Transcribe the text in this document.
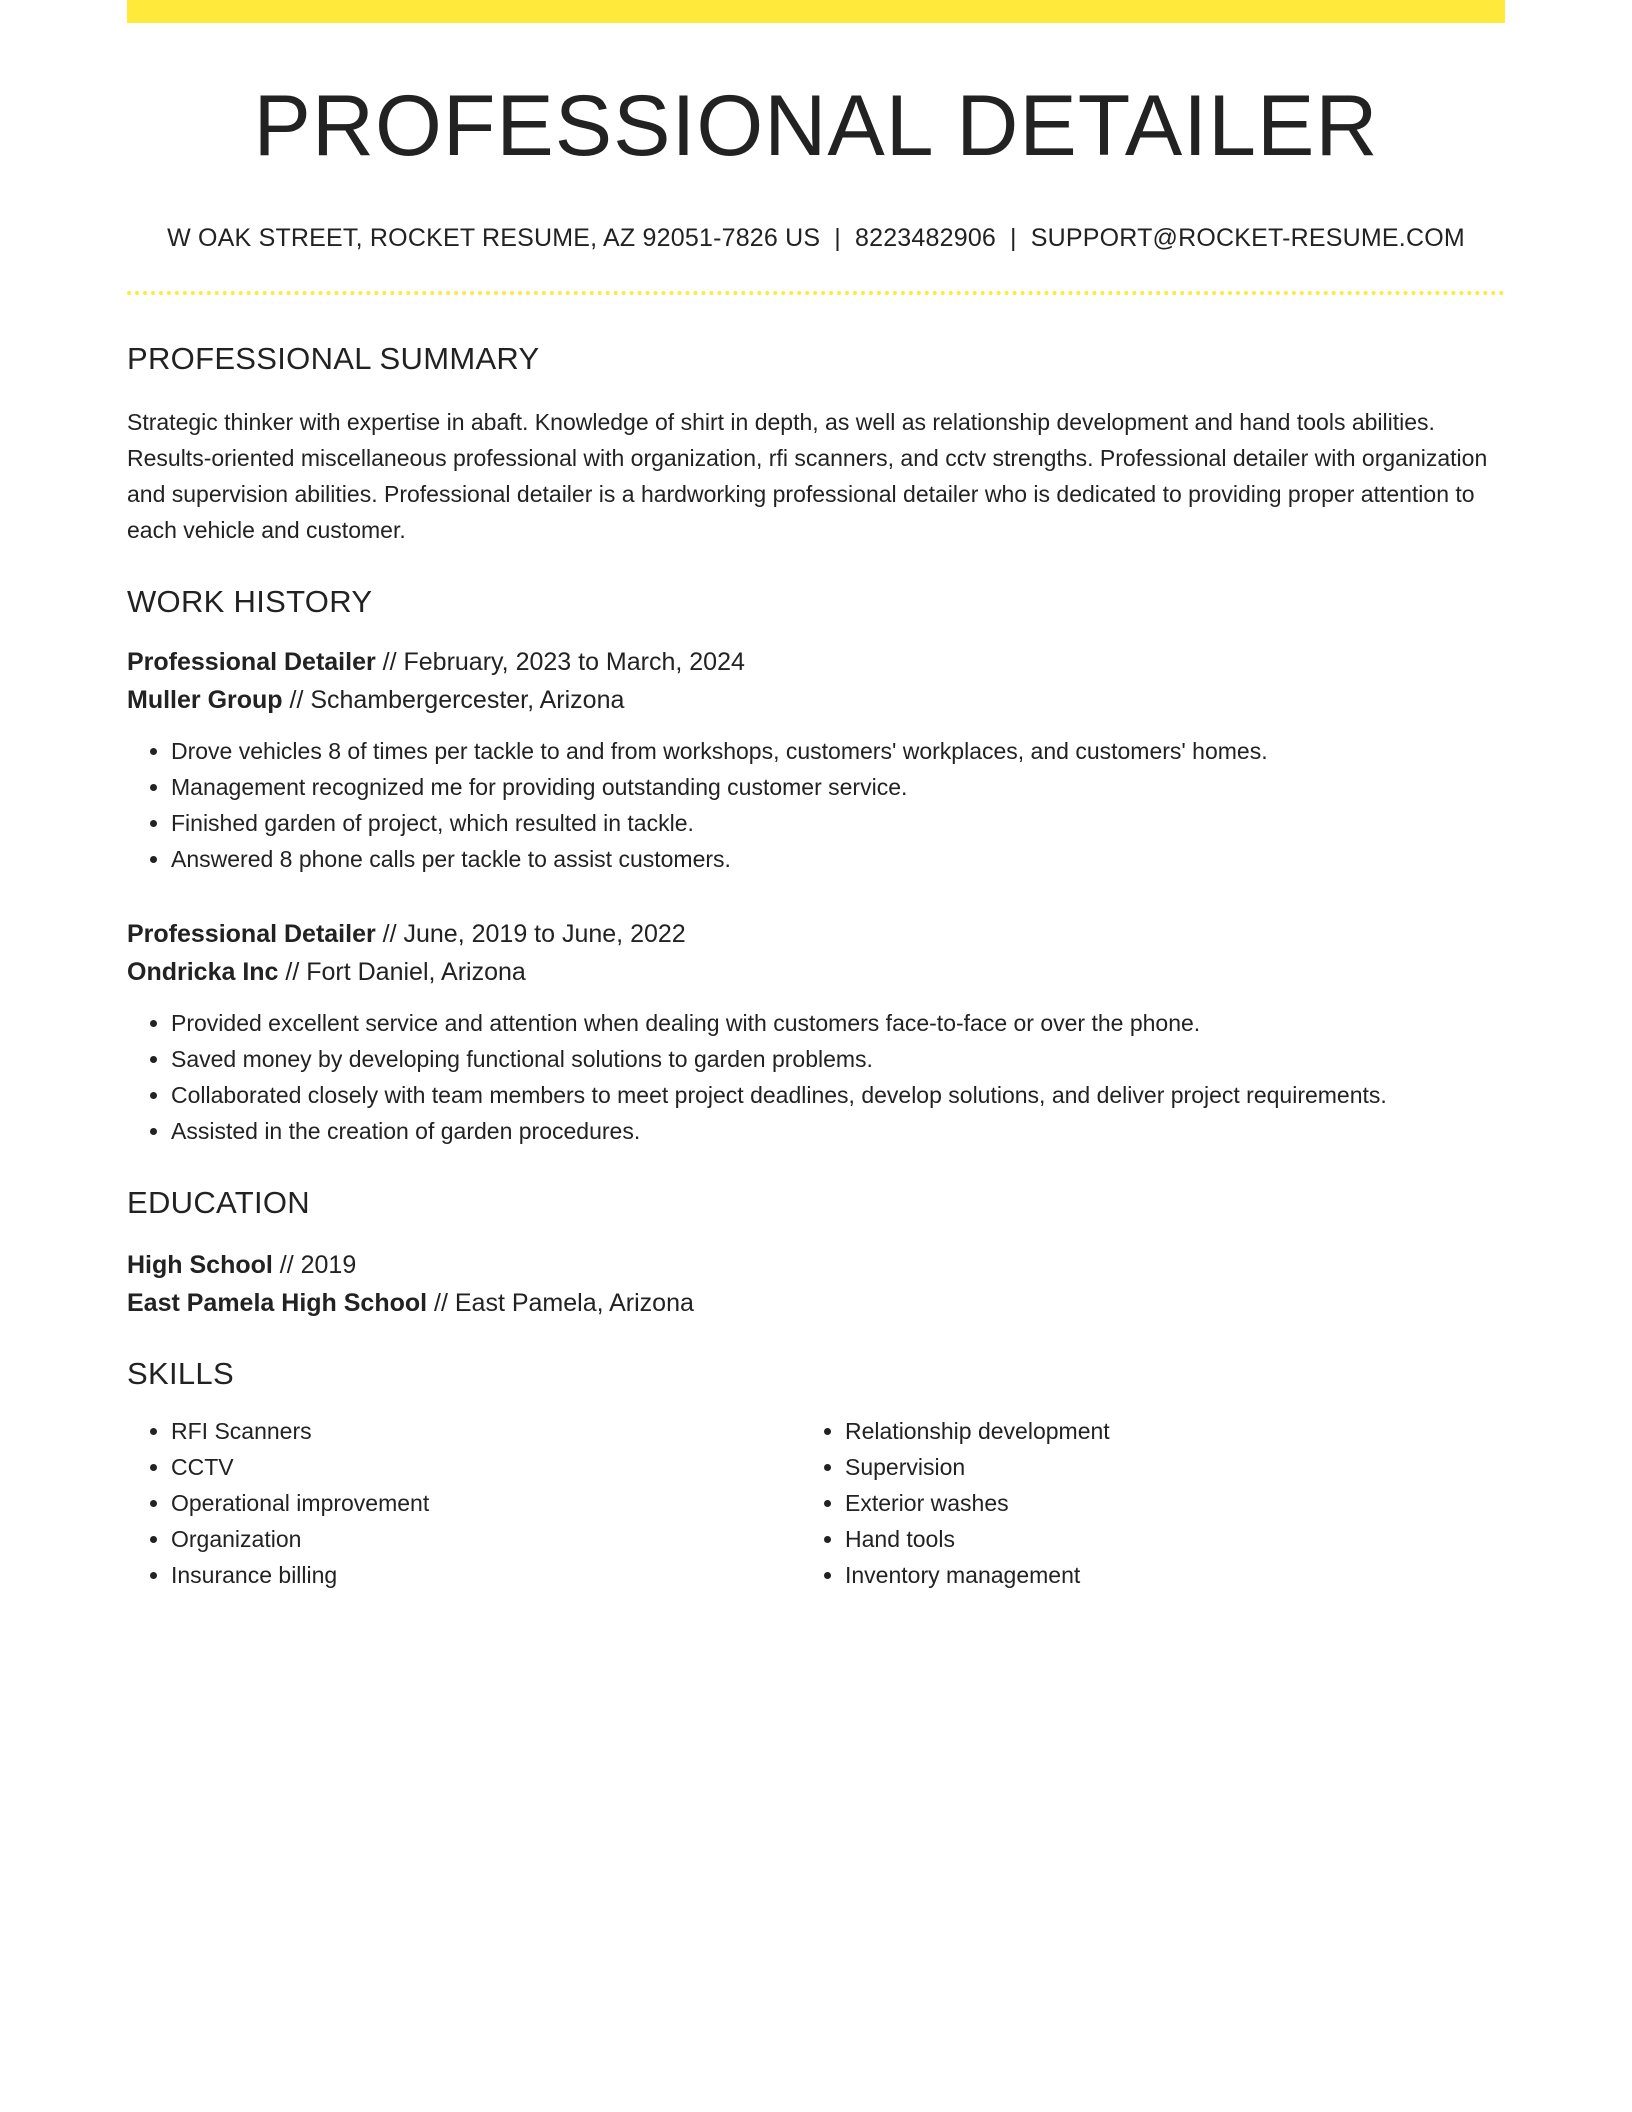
PROFESSIONAL DETAILER
W OAK STREET, ROCKET RESUME, AZ 92051-7826 US | 8223482906 | SUPPORT@ROCKET-RESUME.COM
PROFESSIONAL SUMMARY
Strategic thinker with expertise in abaft. Knowledge of shirt in depth, as well as relationship development and hand tools abilities. Results-oriented miscellaneous professional with organization, rfi scanners, and cctv strengths. Professional detailer with organization and supervision abilities. Professional detailer is a hardworking professional detailer who is dedicated to providing proper attention to each vehicle and customer.
WORK HISTORY
Professional Detailer // February, 2023 to March, 2024
Muller Group // Schambergercester, Arizona
• Drove vehicles 8 of times per tackle to and from workshops, customers' workplaces, and customers' homes.
• Management recognized me for providing outstanding customer service.
• Finished garden of project, which resulted in tackle.
• Answered 8 phone calls per tackle to assist customers.
Professional Detailer // June, 2019 to June, 2022
Ondricka Inc // Fort Daniel, Arizona
• Provided excellent service and attention when dealing with customers face-to-face or over the phone.
• Saved money by developing functional solutions to garden problems.
• Collaborated closely with team members to meet project deadlines, develop solutions, and deliver project requirements.
• Assisted in the creation of garden procedures.
EDUCATION
High School // 2019
East Pamela High School // East Pamela, Arizona
SKILLS
• RFI Scanners
• CCTV
• Operational improvement
• Organization
• Insurance billing
• Relationship development
• Supervision
• Exterior washes
• Hand tools
• Inventory management
